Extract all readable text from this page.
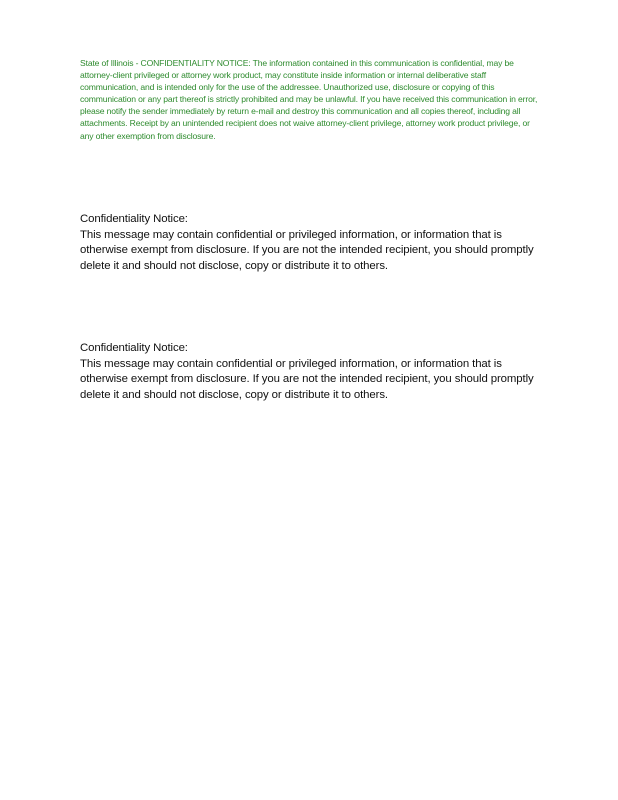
State of Illinois - CONFIDENTIALITY NOTICE: The information contained in this communication is confidential, may be attorney-client privileged or attorney work product, may constitute inside information or internal deliberative staff communication, and is intended only for the use of the addressee. Unauthorized use, disclosure or copying of this communication or any part thereof is strictly prohibited and may be unlawful. If you have received this communication in error, please notify the sender immediately by return e-mail and destroy this communication and all copies thereof, including all attachments. Receipt by an unintended recipient does not waive attorney-client privilege, attorney work product privilege, or any other exemption from disclosure.

Confidentiality Notice:
This message may contain confidential or privileged information, or information that is otherwise exempt from disclosure. If you are not the intended recipient, you should promptly delete it and should not disclose, copy or distribute it to others.
Confidentiality Notice:
This message may contain confidential or privileged information, or information that is otherwise exempt from disclosure. If you are not the intended recipient, you should promptly delete it and should not disclose, copy or distribute it to others.
